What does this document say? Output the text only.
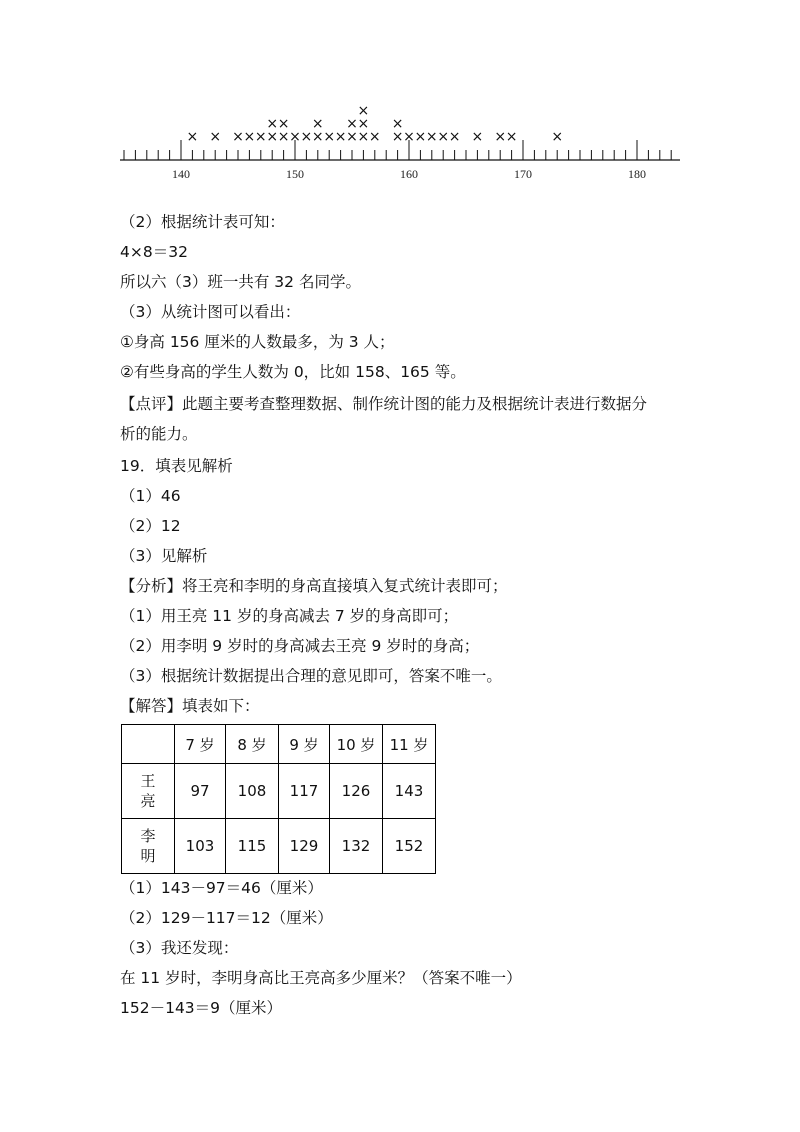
140	150	160	170	180
× × × × × ×
×
×
×
× × ×
×
× × ×
×
×
×
×
× ×
×
× × × × × × × × ×
（2）根据统计表可知：
4×8＝32
所以六（3）班一共有 32 名同学。
（3）从统计图可以看出：
①身高 156 厘米的人数最多，为 3 人；
②有些身高的学生人数为 0，比如 158、165 等。
【点评】此题主要考查整理数据、制作统计图的能力及根据统计表进行数据分
析的能力。
19．填表见解析
（1）46
（2）12
（3）见解析
【分析】将王亮和李明的身高直接填入复式统计表即可；
（1）用王亮 11 岁的身高减去 7 岁的身高即可；
（2）用李明 9 岁时的身高减去王亮 9 岁时的身高；
（3）根据统计数据提出合理的意见即可，答案不唯一。
【解答】填表如下：
	7 岁	8 岁	9 岁	10 岁	11 岁

王
亮	97	108	117	126	143

李
明	103	115	129	132	152
（1）143－97＝46（厘米）
（2）129－117＝12（厘米）
（3）我还发现：
在 11 岁时，李明身高比王亮高多少厘米？（答案不唯一）
152－143＝9（厘米）
